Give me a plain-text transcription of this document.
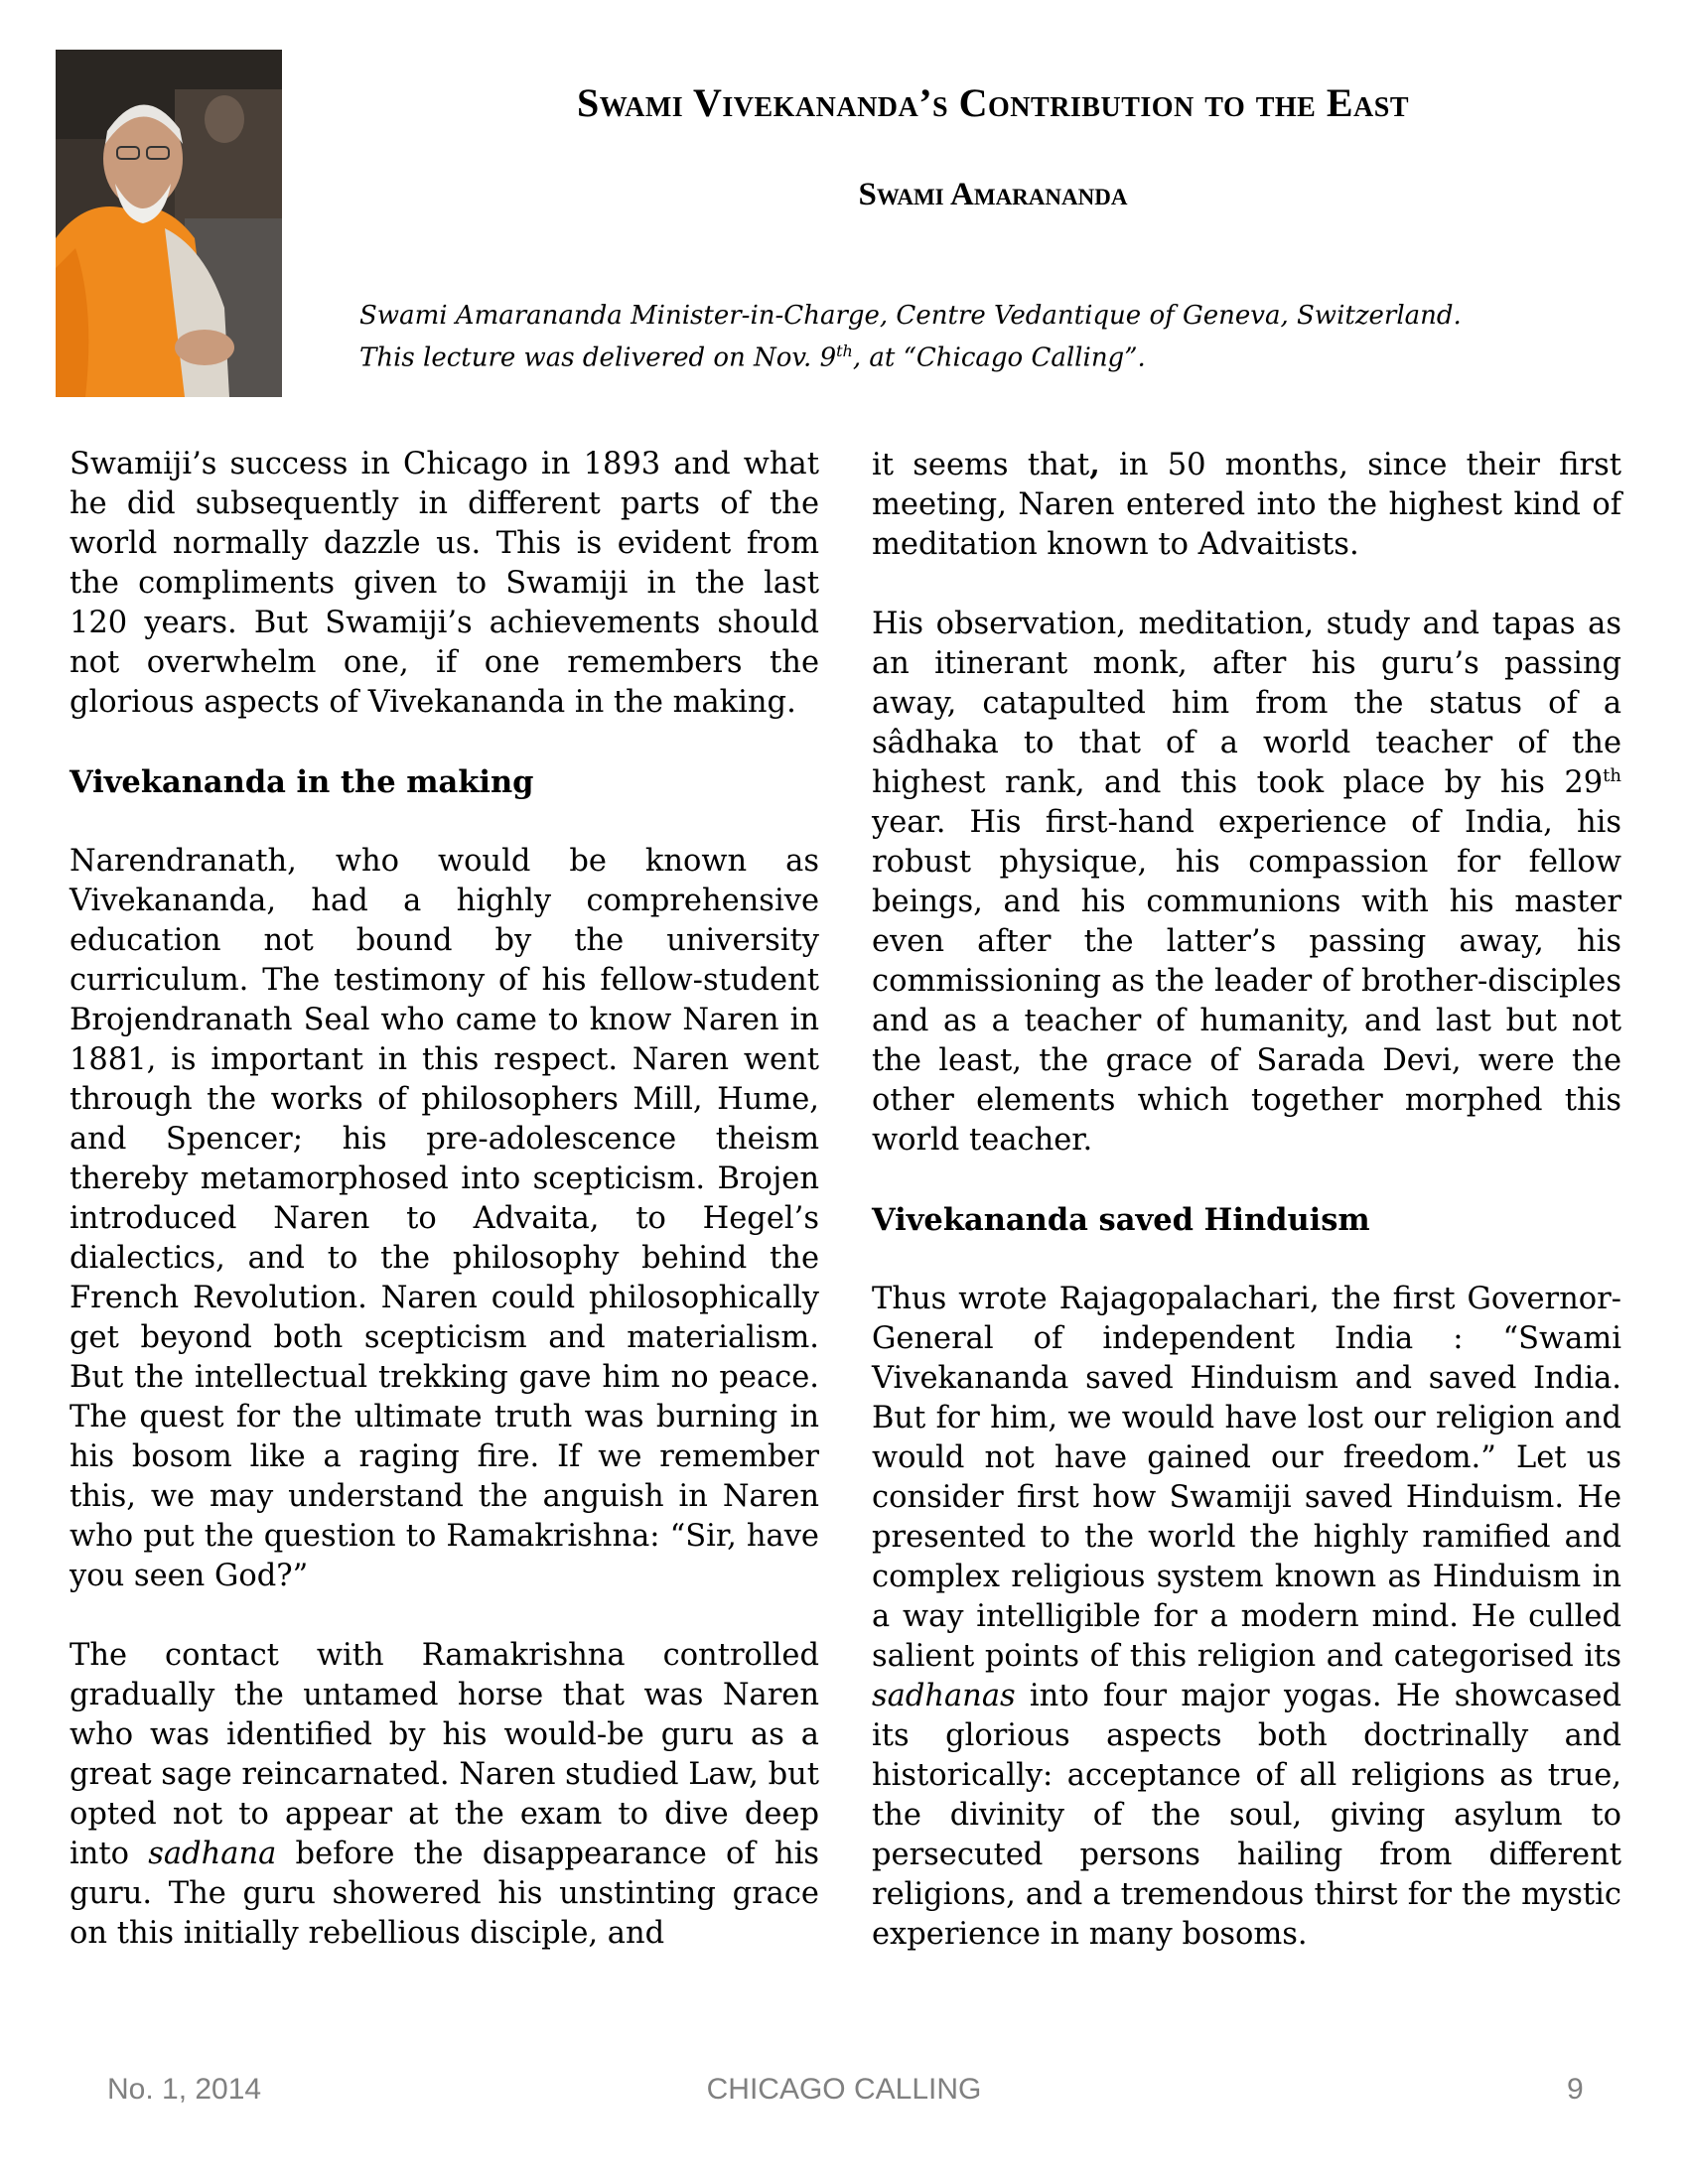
Swami Vivekananda’s Contribution to the East
Swami Amarananda
Swami Amarananda Minister-in-Charge, Centre Vedantique of Geneva, Switzerland.
This lecture was delivered on Nov. 9th, at “Chicago Calling”.

Swamiji’s success in Chicago in 1893 and what he did subsequently in different parts of the world normally dazzle us. This is evident from the compliments given to Swamiji in the last 120 years. But Swamiji’s achievements should not overwhelm one, if one remembers the glorious aspects of Vivekananda in the making.

Vivekananda in the making

Narendranath, who would be known as Vivekananda, had a highly comprehensive education not bound by the university curriculum. The testimony of his fellow-student Brojendranath Seal who came to know Naren in 1881, is important in this respect. Naren went through the works of philosophers Mill, Hume, and Spencer; his pre-adolescence theism thereby metamorphosed into scepticism. Brojen introduced Naren to Advaita, to Hegel’s dialectics, and to the philosophy behind the French Revolution. Naren could philosophically get beyond both scepticism and materialism. But the intellectual trekking gave him no peace. The quest for the ultimate truth was burning in his bosom like a raging fire. If we remember this, we may understand the anguish in Naren who put the question to Ramakrishna: “Sir, have you seen God?”

The contact with Ramakrishna controlled gradually the untamed horse that was Naren who was identified by his would-be guru as a great sage reincarnated. Naren studied Law, but opted not to appear at the exam to dive deep into sadhana before the disappearance of his guru. The guru showered his unstinting grace on this initially rebellious disciple, and

it seems that, in 50 months, since their first meeting, Naren entered into the highest kind of meditation known to Advaitists.

His observation, meditation, study and tapas as an itinerant monk, after his guru’s passing away, catapulted him from the status of a sâdhaka to that of a world teacher of the highest rank, and this took place by his 29th year. His first-hand experience of India, his robust physique, his compassion for fellow beings, and his communions with his master even after the latter’s passing away, his commissioning as the leader of brother-disciples and as a teacher of humanity, and last but not the least, the grace of Sarada Devi, were the other elements which together morphed this world teacher.

Vivekananda saved Hinduism

Thus wrote Rajagopalachari, the first Governor-General of independent India : “Swami Vivekananda saved Hinduism and saved India. But for him, we would have lost our religion and would not have gained our freedom.” Let us consider first how Swamiji saved Hinduism. He presented to the world the highly ramified and complex religious system known as Hinduism in a way intelligible for a modern mind. He culled salient points of this religion and categorised its sadhanas into four major yogas. He showcased its glorious aspects both doctrinally and historically: acceptance of all religions as true, the divinity of the soul, giving asylum to persecuted persons hailing from different religions, and a tremendous thirst for the mystic experience in many bosoms.

No. 1, 2014	CHICAGO CALLING	9
